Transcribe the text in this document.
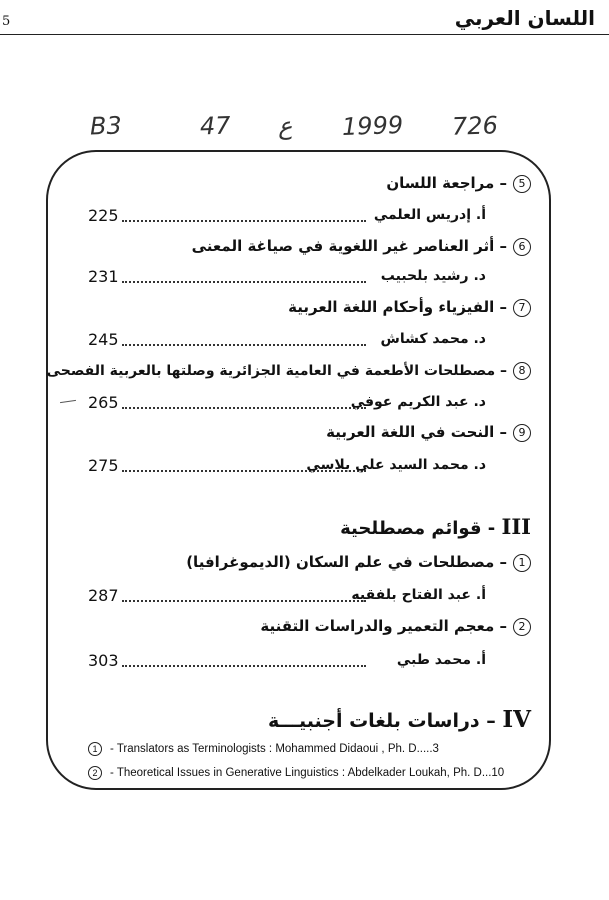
5	اللسان العربي
B3	47 ع 1999 726
5– مراجعة اللسان
225	أ. إدريس العلمي
6– أثر العناصر غير اللغوية في صياغة المعنى
231	د. رشيد بلحبيب
7– الفيزياء وأحكام اللغة العربية
245	د. محمد كشاش
8– مصطلحات الأطعمة في العامية الجزائرية وصلتها بالعربية الفصحى
265	د. عبد الكريم عوفي
9– النحت في اللغة العربية
275	د. محمد السيد علي بلاسي
III - قوائم مصطلحية
1– مصطلحات في علم السكان (الديموغرافيا)
287	أ. عبد الفتاح بلفقيه
2– معجم التعمير والدراسات التقنية
303	أ. محمد طبي
IV – دراسات بلغات أجنبيـــة
1 - Translators as Terminologists : Mohammed Didaoui , Ph. D.....3
2 - Theoretical Issues in Generative Linguistics : Abdelkader Loukah, Ph. D...10
